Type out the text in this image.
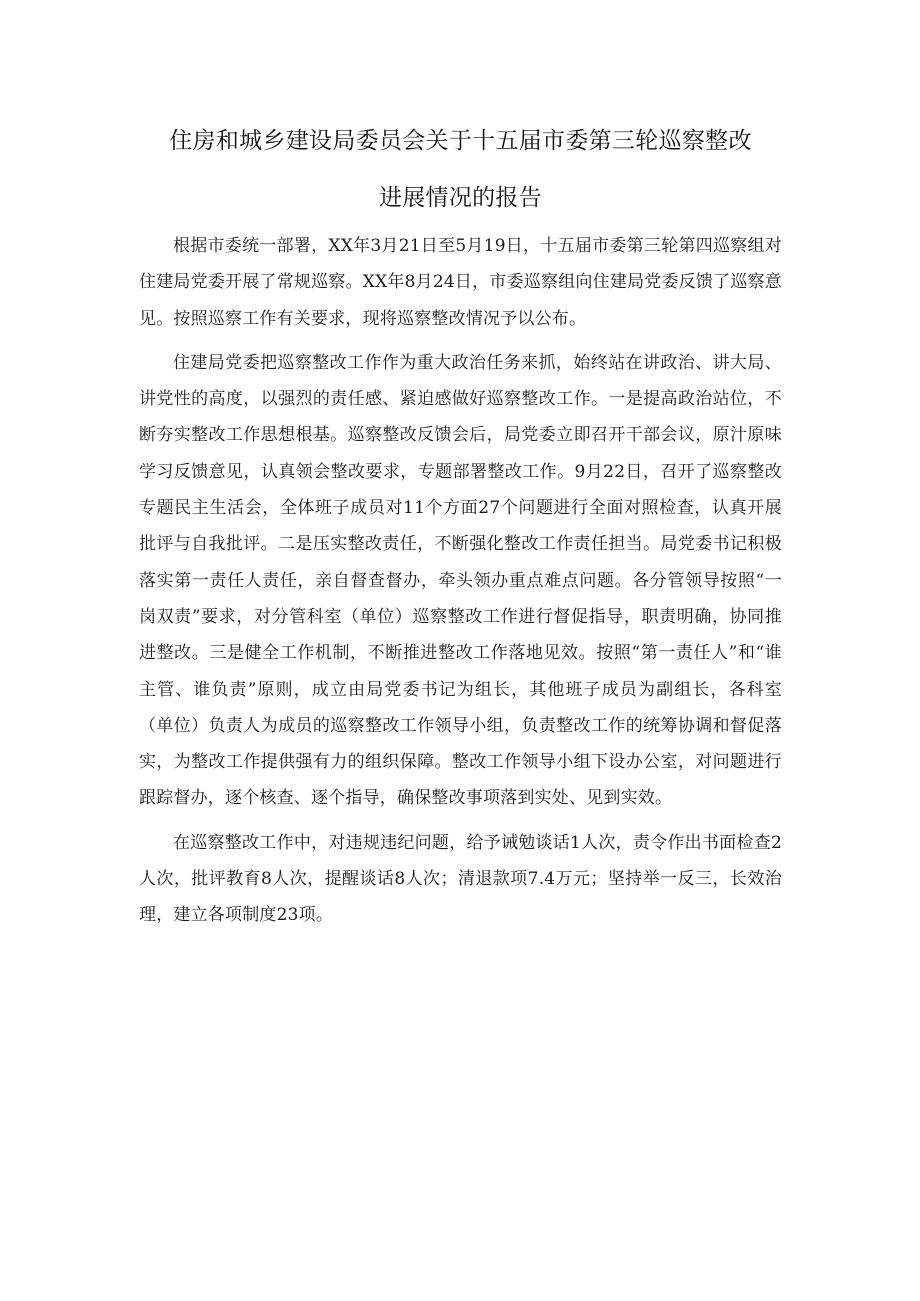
住房和城乡建设局委员会关于十五届市委第三轮巡察整改
进展情况的报告

根据市委统一部署，XX年3月21日至5月19日，十五届市委第三轮第四巡察组对住建局党委开展了常规巡察。XX年8月24日，市委巡察组向住建局党委反馈了巡察意见。按照巡察工作有关要求，现将巡察整改情况予以公布。

住建局党委把巡察整改工作作为重大政治任务来抓，始终站在讲政治、讲大局、讲党性的高度，以强烈的责任感、紧迫感做好巡察整改工作。一是提高政治站位，不断夯实整改工作思想根基。巡察整改反馈会后，局党委立即召开干部会议，原汁原味学习反馈意见，认真领会整改要求，专题部署整改工作。9月22日，召开了巡察整改专题民主生活会，全体班子成员对11个方面27个问题进行全面对照检查，认真开展批评与自我批评。二是压实整改责任，不断强化整改工作责任担当。局党委书记积极落实第一责任人责任，亲自督查督办，牵头领办重点难点问题。各分管领导按照“一岗双责”要求，对分管科室（单位）巡察整改工作进行督促指导，职责明确，协同推进整改。三是健全工作机制，不断推进整改工作落地见效。按照“第一责任人”和“谁主管、谁负责”原则，成立由局党委书记为组长，其他班子成员为副组长，各科室（单位）负责人为成员的巡察整改工作领导小组，负责整改工作的统筹协调和督促落实，为整改工作提供强有力的组织保障。整改工作领导小组下设办公室，对问题进行跟踪督办，逐个核查、逐个指导，确保整改事项落到实处、见到实效。

在巡察整改工作中，对违规违纪问题，给予诫勉谈话1人次，责令作出书面检查2人次，批评教育8人次，提醒谈话8人次；清退款项7.4万元；坚持举一反三，长效治理，建立各项制度23项。
